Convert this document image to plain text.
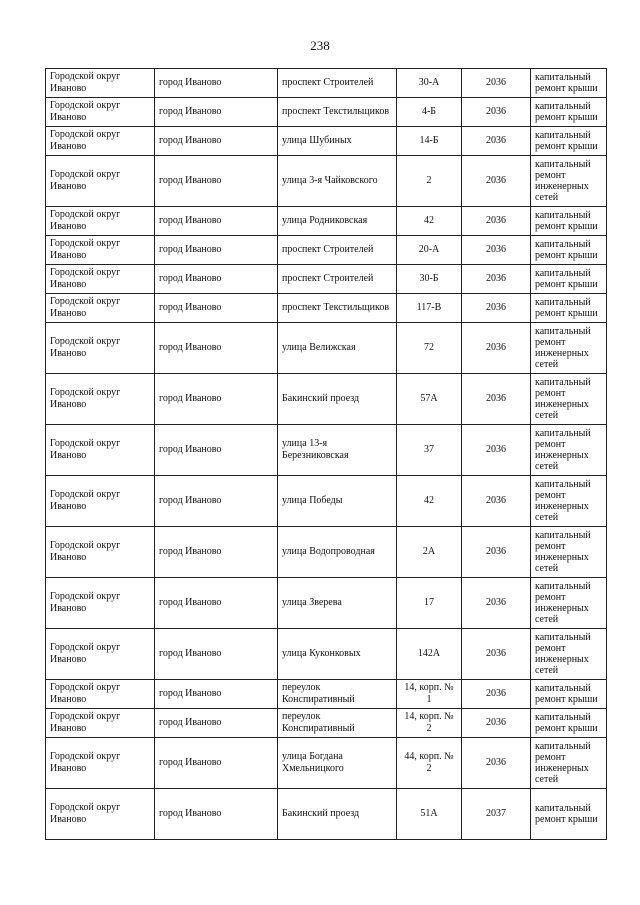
238
Городской округ Иваново	город Иваново	проспект Строителей	30-А	2036	капитальный ремонт крыши
Городской округ Иваново	город Иваново	проспект Текстильщиков	4-Б	2036	капитальный ремонт крыши
Городской округ Иваново	город Иваново	улица Шубиных	14-Б	2036	капитальный ремонт крыши
Городской округ Иваново	город Иваново	улица 3-я Чайковского	2	2036	капитальный ремонт инженерных сетей
Городской округ Иваново	город Иваново	улица Родниковская	42	2036	капитальный ремонт крыши
Городской округ Иваново	город Иваново	проспект Строителей	20-А	2036	капитальный ремонт крыши
Городской округ Иваново	город Иваново	проспект Строителей	30-Б	2036	капитальный ремонт крыши
Городской округ Иваново	город Иваново	проспект Текстильщиков	117-В	2036	капитальный ремонт крыши
Городской округ Иваново	город Иваново	улица Велижская	72	2036	капитальный ремонт инженерных сетей
Городской округ Иваново	город Иваново	Бакинский проезд	57А	2036	капитальный ремонт инженерных сетей
Городской округ Иваново	город Иваново	улица 13-я Березниковская	37	2036	капитальный ремонт инженерных сетей
Городской округ Иваново	город Иваново	улица Победы	42	2036	капитальный ремонт инженерных сетей
Городской округ Иваново	город Иваново	улица Водопроводная	2А	2036	капитальный ремонт инженерных сетей
Городской округ Иваново	город Иваново	улица Зверева	17	2036	капитальный ремонт инженерных сетей
Городской округ Иваново	город Иваново	улица Куконковых	142А	2036	капитальный ремонт инженерных сетей
Городской округ Иваново	город Иваново	переулок Конспиративный	14, корп. № 1	2036	капитальный ремонт крыши
Городской округ Иваново	город Иваново	переулок Конспиративный	14, корп. № 2	2036	капитальный ремонт крыши
Городской округ Иваново	город Иваново	улица Богдана Хмельницкого	44, корп. № 2	2036	капитальный ремонт инженерных сетей
Городской округ Иваново	город Иваново	Бакинский проезд	51А	2037	капитальный ремонт крыши
